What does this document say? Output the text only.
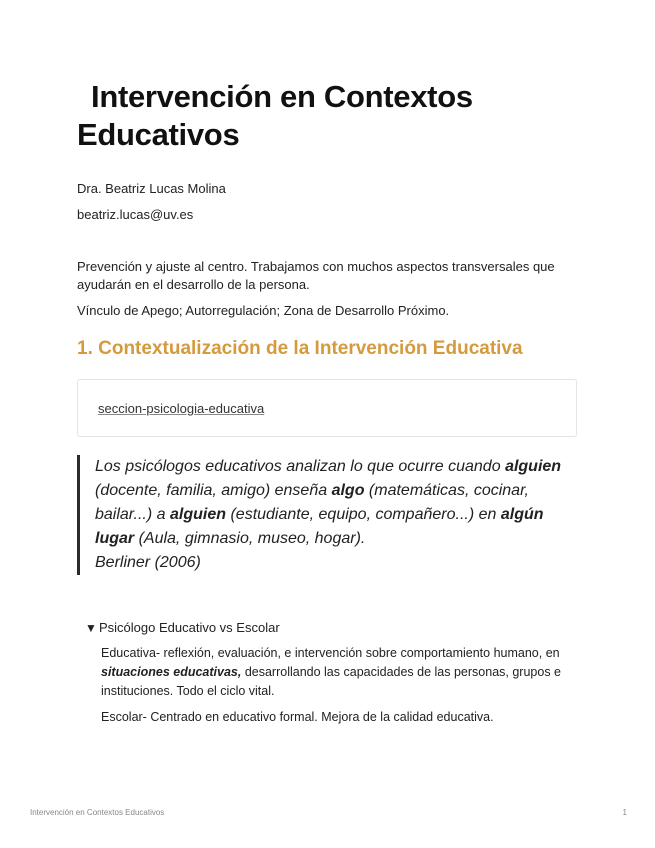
Intervención en Contextos Educativos

Dra. Beatriz Lucas Molina

beatriz.lucas@uv.es

Prevención y ajuste al centro. Trabajamos con muchos aspectos transversales que ayudarán en el desarrollo de la persona.

Vínculo de Apego; Autorregulación; Zona de Desarrollo Próximo.

1. Contextualización de la Intervención Educativa
seccion-psicologia-educativa

Los psicólogos educativos analizan lo que ocurre cuando alguien (docente, familia, amigo) enseña algo (matemáticas, cocinar, bailar...) a alguien (estudiante, equipo, compañero...) en algún lugar (Aula, gimnasio, museo, hogar).

Berliner (2006)

▼ Psicólogo Educativo vs Escolar

Educativa- reflexión, evaluación, e intervención sobre comportamiento humano, en situaciones educativas, desarrollando las capacidades de las personas, grupos e instituciones. Todo el ciclo vital.

Escolar- Centrado en educativo formal. Mejora de la calidad educativa.

Intervención en Contextos Educativos	1
